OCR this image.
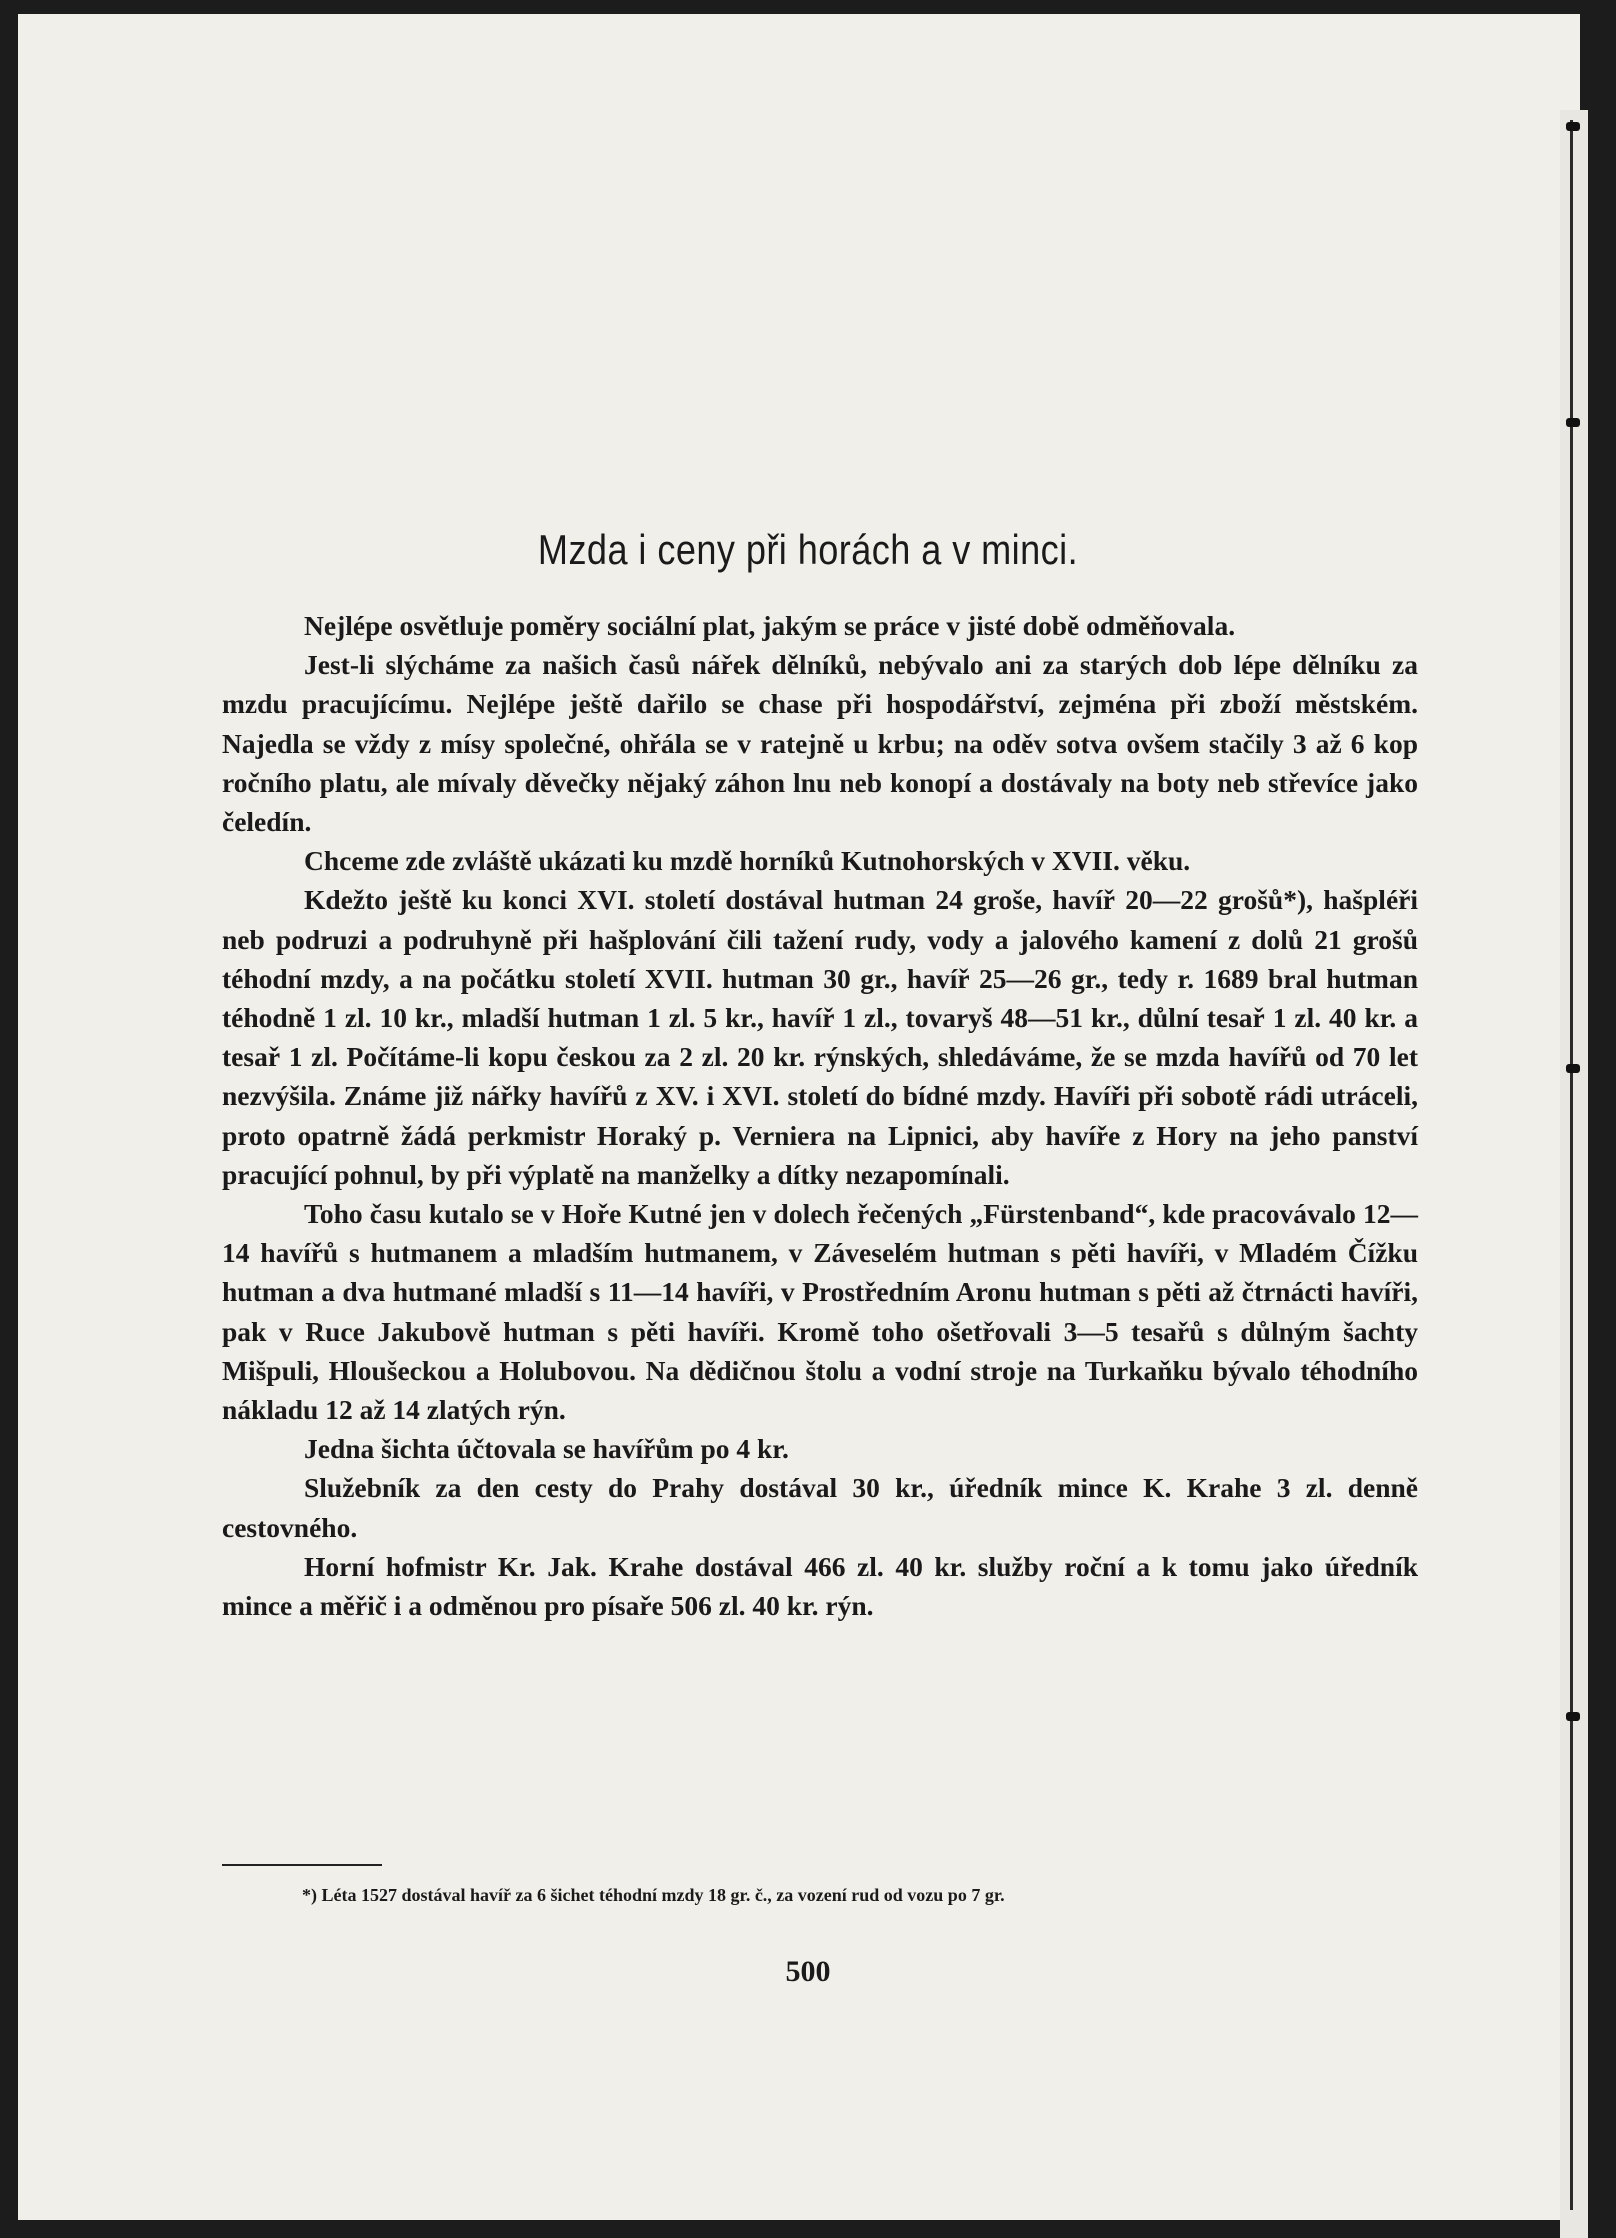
Mzda i ceny při horách a v minci.

Nejlépe osvětluje poměry sociální plat, jakým se práce v jisté době odměňovala.

Jest-li slýcháme za našich časů nářek dělníků, nebývalo ani za starých dob lépe dělníku za mzdu pracujícímu. Nejlépe ještě dařilo se chase při hospodářství, zejména při zboží městském. Najedla se vždy z mísy společné, ohřála se v ratejně u krbu; na oděv sotva ovšem stačily 3 až 6 kop ročního platu, ale mívaly děvečky nějaký záhon lnu neb konopí a dostávaly na boty neb střevíce jako čeledín.

Chceme zde zvláště ukázati ku mzdě horníků Kutnohorských v XVII. věku.

Kdežto ještě ku konci XVI. století dostával hutman 24 groše, havíř 20—22 grošů*), hašpléři neb podruzi a podruhyně při hašplování čili tažení rudy, vody a jalového kamení z dolů 21 grošů téhodní mzdy, a na počátku století XVII. hutman 30 gr., havíř 25—26 gr., tedy r. 1689 bral hutman téhodně 1 zl. 10 kr., mladší hutman 1 zl. 5 kr., havíř 1 zl., tovaryš 48—51 kr., důlní tesař 1 zl. 40 kr. a tesař 1 zl. Počítáme-li kopu českou za 2 zl. 20 kr. rýnských, shledáváme, že se mzda havířů od 70 let nezvýšila. Známe již nářky havířů z XV. i XVI. století do bídné mzdy. Havíři při sobotě rádi utráceli, proto opatrně žádá perkmistr Horaký p. Verniera na Lipnici, aby havíře z Hory na jeho panství pracující pohnul, by při výplatě na manželky a dítky nezapomínali.

Toho času kutalo se v Hoře Kutné jen v dolech řečených „Fürstenband“, kde pracovávalo 12—14 havířů s hutmanem a mladším hutmanem, v Záveselém hutman s pěti havíři, v Mladém Čížku hutman a dva hutmané mladší s 11—14 havíři, v Prostředním Aronu hutman s pěti až čtrnácti havíři, pak v Ruce Jakubově hutman s pěti havíři. Kromě toho ošetřovali 3—5 tesařů s důlným šachty Mišpuli, Hloušeckou a Holubovou. Na dědičnou štolu a vodní stroje na Turkaňku bývalo téhodního nákladu 12 až 14 zlatých rýn.

Jedna šichta účtovala se havířům po 4 kr.

Služebník za den cesty do Prahy dostával 30 kr., úředník mince K. Krahe 3 zl. denně cestovného.

Horní hofmistr Kr. Jak. Krahe dostával 466 zl. 40 kr. služby roční a k tomu jako úředník mince a měřič i a odměnou pro písaře 506 zl. 40 kr. rýn.

*) Léta 1527 dostával havíř za 6 šichet téhodní mzdy 18 gr. č., za vození rud od vozu po 7 gr.
500
